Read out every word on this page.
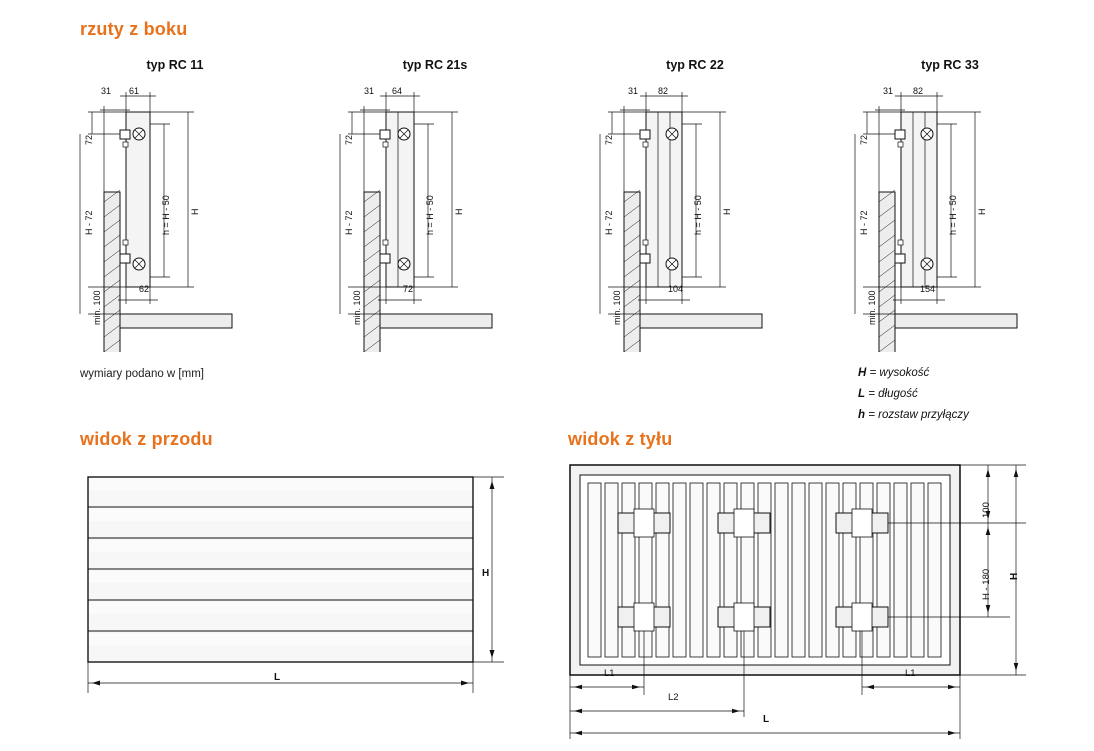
rzuty z boku
typ RC 11
31 61
72
H - 72
min. 100
h = H - 50 H
62
typ RC 21s
31 64
72
H - 72
min. 100
h = H - 50 H
72
typ RC 22
31 82
72
H - 72
min. 100
h = H - 50 H
104
typ RC 33
31 82
72
H - 72
min. 100
h = H - 50 H
154
wymiary podano w [mm]	H = wysokość
L = długość
h = rozstaw przyłączy
widok z przodu
H
L
widok z tyłu
100
H - 180 H
L1	L1
L2
L
